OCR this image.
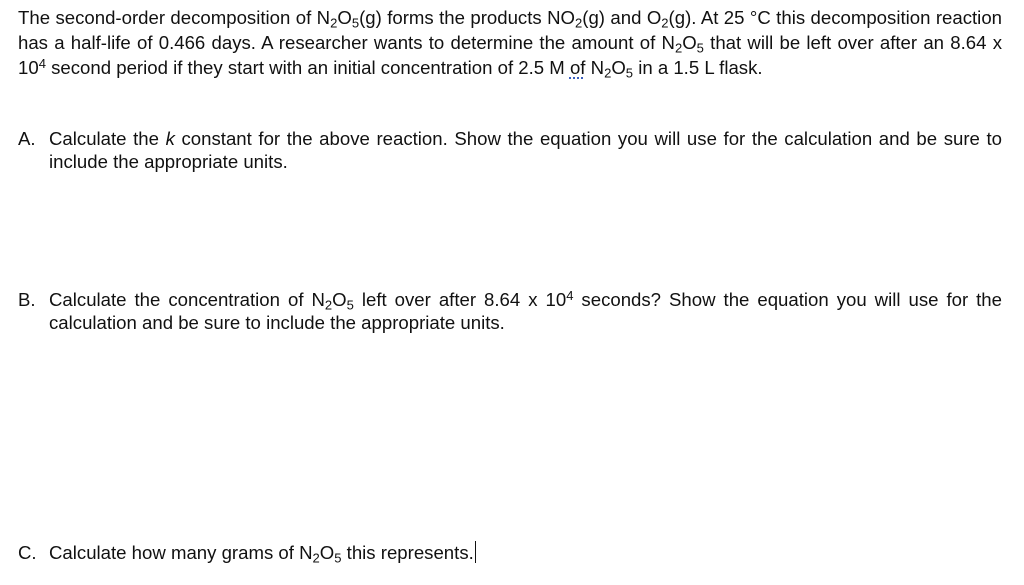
The second-order decomposition of $N_2O_5(g)$ forms the products $NO_2(g)$ and $O_2(g)$. At 25 °C this decomposition reaction has a half-life of 0.466 days. A researcher wants to determine the amount of $N_2O_5$ that will be left over after an 8.64 x $10^4$ second period if they start with an initial concentration of 2.5 M of $N_2O_5$ in a 1.5 L flask.

A. Calculate the k constant for the above reaction. Show the equation you will use for the calculation and be sure to include the appropriate units.
B. Calculate the concentration of $N_2O_5$ left over after 8.64 x $10^4$ seconds? Show the equation you will use for the calculation and be sure to include the appropriate units.
C. Calculate how many grams of $N_2O_5$ this represents.
